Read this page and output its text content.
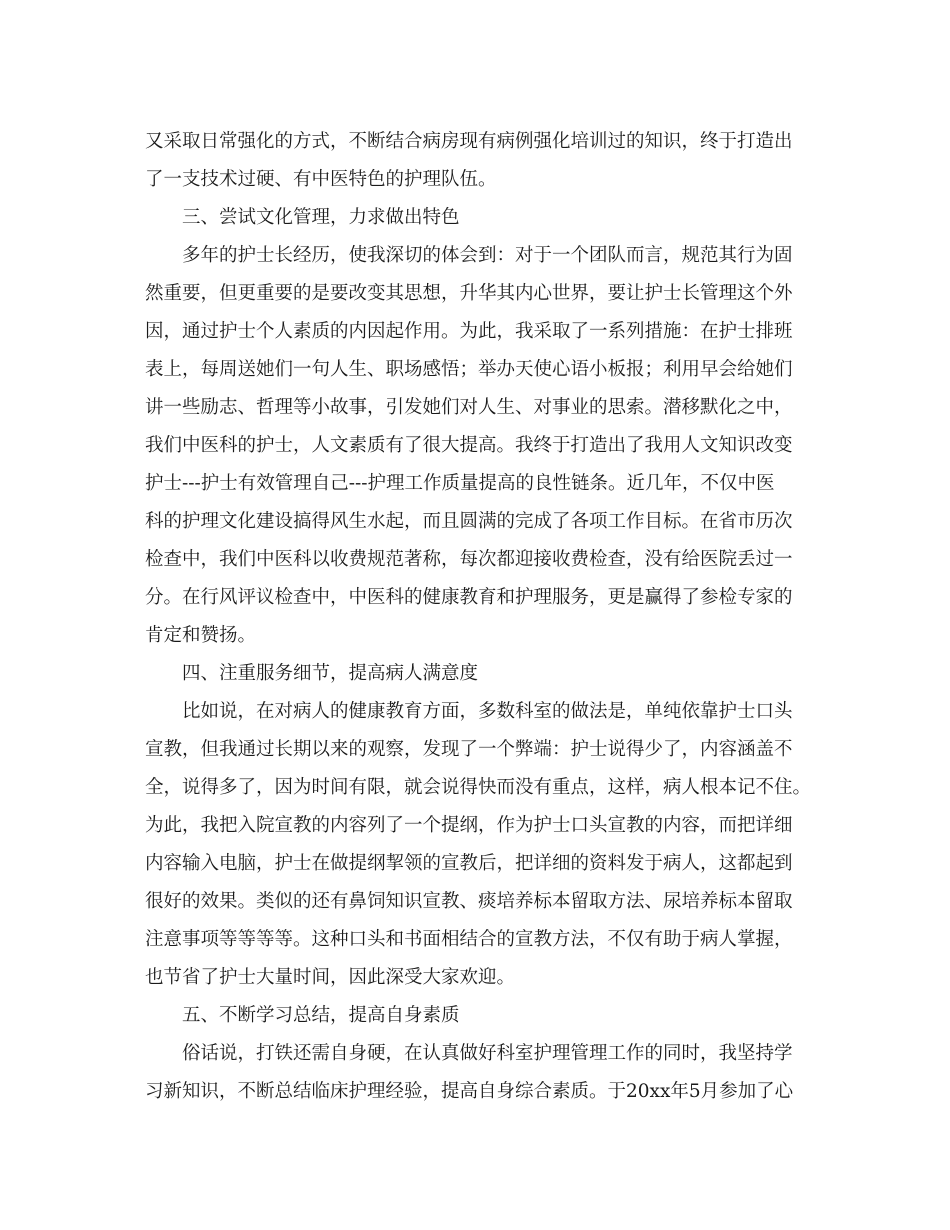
又采取日常强化的方式，不断结合病房现有病例强化培训过的知识，终于打造出
了一支技术过硬、有中医特色的护理队伍。
三、尝试文化管理，力求做出特色
多年的护士长经历，使我深切的体会到：对于一个团队而言，规范其行为固
然重要，但更重要的是要改变其思想，升华其内心世界，要让护士长管理这个外
因，通过护士个人素质的内因起作用。为此，我采取了一系列措施：在护士排班
表上，每周送她们一句人生、职场感悟；举办天使心语小板报；利用早会给她们
讲一些励志、哲理等小故事，引发她们对人生、对事业的思索。潜移默化之中，
我们中医科的护士，人文素质有了很大提高。我终于打造出了我用人文知识改变
护士---护士有效管理自己---护理工作质量提高的良性链条。近几年，不仅中医
科的护理文化建设搞得风生水起，而且圆满的完成了各项工作目标。在省市历次
检查中，我们中医科以收费规范著称，每次都迎接收费检查，没有给医院丢过一
分。在行风评议检查中，中医科的健康教育和护理服务，更是赢得了参检专家的
肯定和赞扬。
四、注重服务细节，提高病人满意度
比如说，在对病人的健康教育方面，多数科室的做法是，单纯依靠护士口头
宣教，但我通过长期以来的观察，发现了一个弊端：护士说得少了，内容涵盖不
全，说得多了，因为时间有限，就会说得快而没有重点，这样，病人根本记不住。
为此，我把入院宣教的内容列了一个提纲，作为护士口头宣教的内容，而把详细
内容输入电脑，护士在做提纲挈领的宣教后，把详细的资料发于病人，这都起到
很好的效果。类似的还有鼻饲知识宣教、痰培养标本留取方法、尿培养标本留取
注意事项等等等等。这种口头和书面相结合的宣教方法，不仅有助于病人掌握，
也节省了护士大量时间，因此深受大家欢迎。
五、不断学习总结，提高自身素质
俗话说，打铁还需自身硬，在认真做好科室护理管理工作的同时，我坚持学
习新知识，不断总结临床护理经验，提高自身综合素质。于20xx年5月参加了心
